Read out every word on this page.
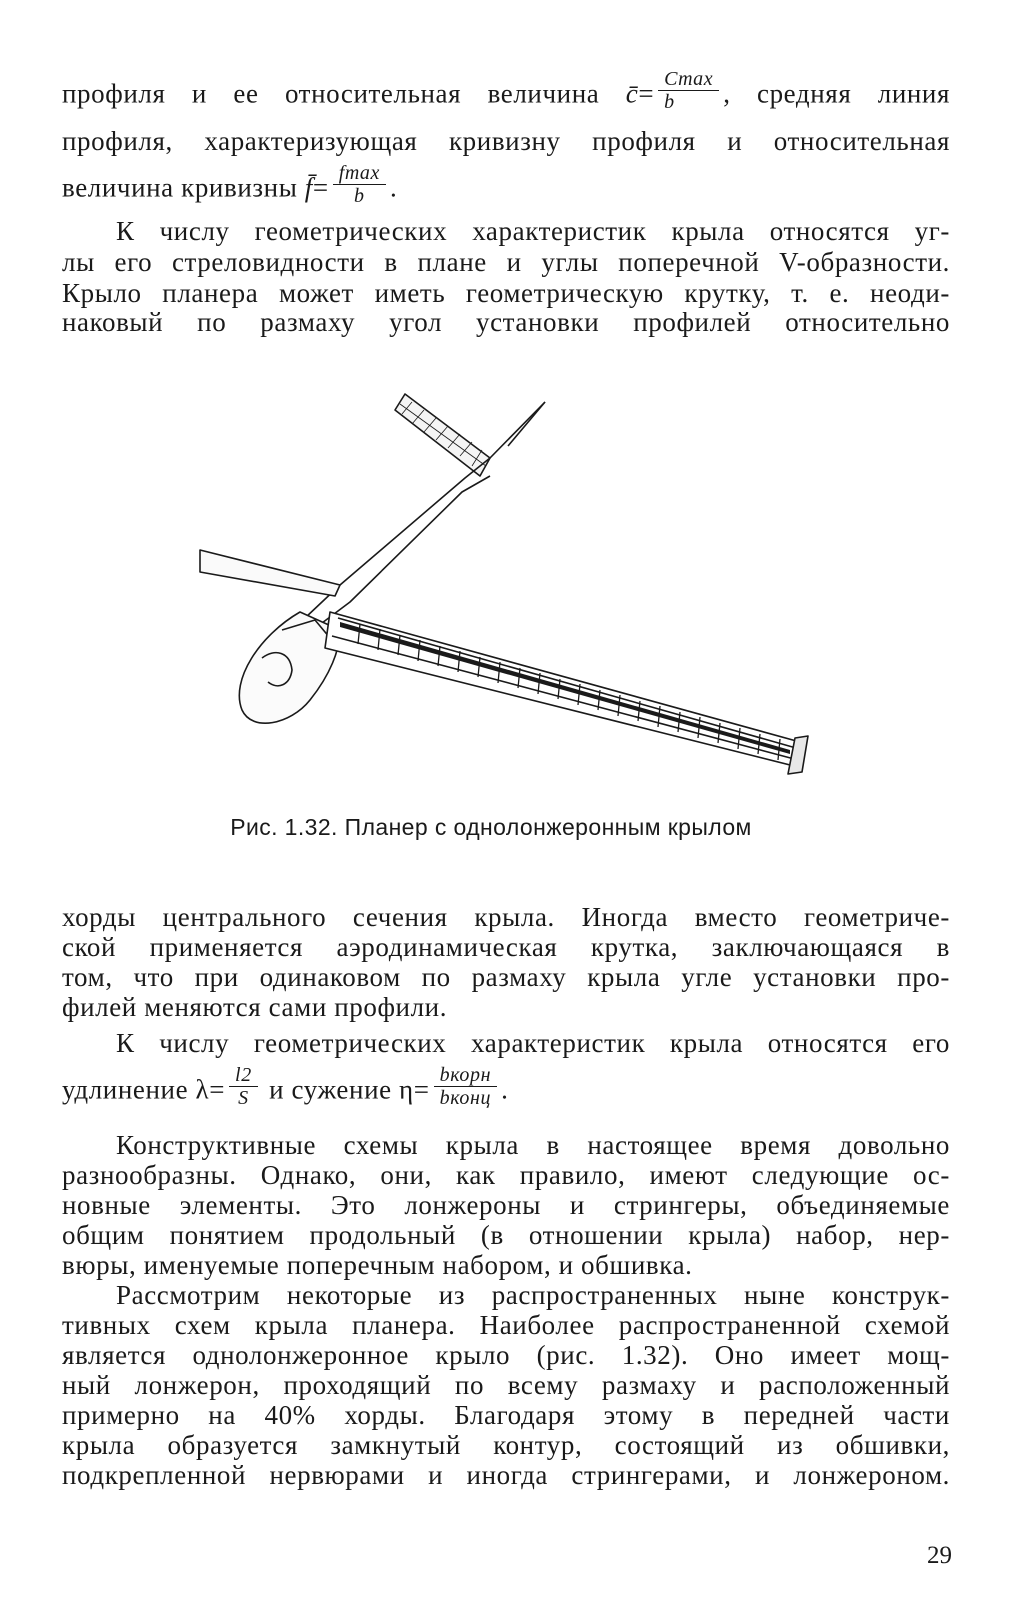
профиля и ее относительная величина c̄= $\frac{Cmax}{b}$ , средняя линия
профиля, характеризующая кривизну профиля и относительная
величина кривизны f̄= $\frac{fmax}{b}$ .
К числу геометрических характеристик крыла относятся уг-
лы его стреловидности в плане и углы поперечной V-образности.
Крыло планера может иметь геометрическую крутку, т. е. неоди-
наковый по размаху угол установки профилей относительно
Рис. 1.32. Планер с однолонжеронным крылом
хорды центрального сечения крыла. Иногда вместо геометриче-
ской применяется аэродинамическая крутка, заключающаяся в
том, что при одинаковом по размаху крыла угле установки про-
филей меняются сами профили.
К числу геометрических характеристик крыла относятся его
удлинение $\lambda= \frac{l2}{S}$ и сужение $\eta= \frac{\text{bкорн}}{\text{bконц}}$ .
Конструктивные схемы крыла в настоящее время довольно
разнообразны. Однако, они, как правило, имеют следующие ос-
новные элементы. Это лонжероны и стрингеры, объединяемые
общим понятием продольный (в отношении крыла) набор, нер-
вюры, именуемые поперечным набором, и обшивка.
Рассмотрим некоторые из распространенных ныне конструк-
тивных схем крыла планера. Наиболее распространенной схемой
является однолонжеронное крыло (рис. 1.32). Оно имеет мощ-
ный лонжерон, проходящий по всему размаху и расположенный
примерно на 40% хорды. Благодаря этому в передней части
крыла образуется замкнутый контур, состоящий из обшивки,
подкрепленной нервюрами и иногда стрингерами, и лонжероном.
29
